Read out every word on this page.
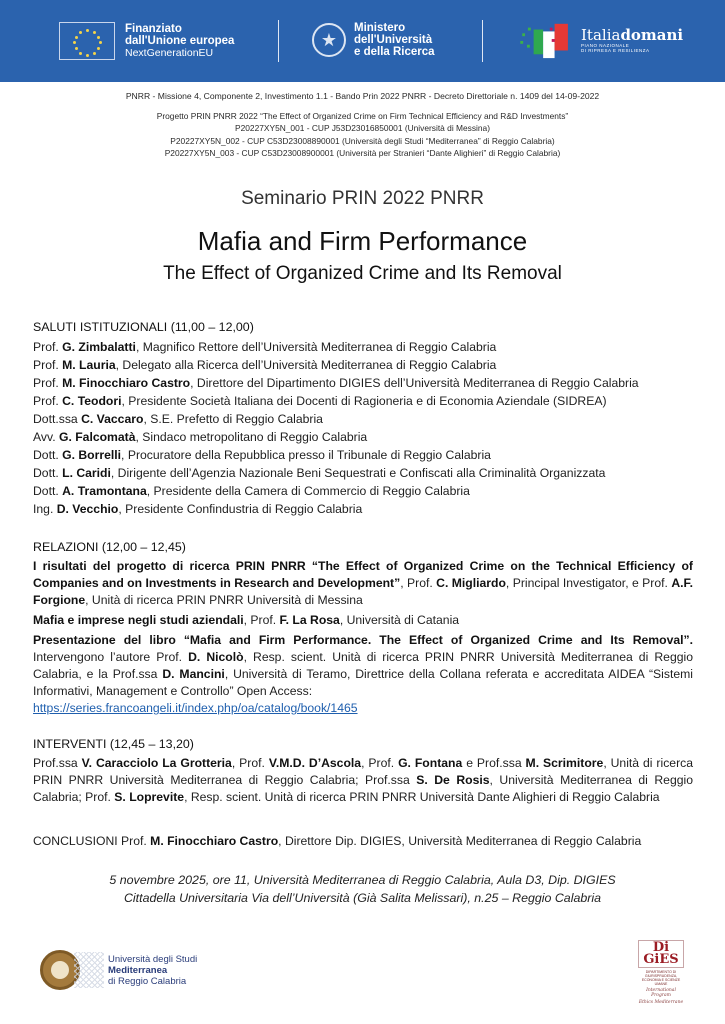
Finanziato
dall'Unione europea
NextGenerationEU
★
Ministero
dell'Università
e della Ricerca
Italiadomani
PIANO NAZIONALE
DI RIPRESA E RESILIENZA
PNRR - Missione 4, Componente 2, Investimento 1.1 - Bando Prin 2022 PNRR - Decreto Direttoriale n. 1409 del 14-09-2022
Progetto PRIN PNRR 2022 “The Effect of Organized Crime on Firm Technical Efficiency and R&D Investments”
P20227XY5N_001 - CUP J53D23016850001 (Università di Messina)
P20227XY5N_002 - CUP C53D23008890001 (Università degli Studi “Mediterranea” di Reggio Calabria)
P20227XY5N_003 - CUP C53D23008900001 (Università per Stranieri “Dante Alighieri” di Reggio Calabria)
Seminario PRIN 2022 PNRR
Mafia and Firm Performance
The Effect of Organized Crime and Its Removal
SALUTI ISTITUZIONALI (11,00 – 12,00)
Prof. G. Zimbalatti, Magnifico Rettore dell’Università Mediterranea di Reggio Calabria
Prof. M. Lauria, Delegato alla Ricerca dell’Università Mediterranea di Reggio Calabria
Prof. M. Finocchiaro Castro, Direttore del Dipartimento DIGIES dell’Università Mediterranea di Reggio Calabria
Prof. C. Teodori, Presidente Società Italiana dei Docenti di Ragioneria e di Economia Aziendale (SIDREA)
Dott.ssa C. Vaccaro, S.E. Prefetto di Reggio Calabria
Avv. G. Falcomatà, Sindaco metropolitano di Reggio Calabria
Dott. G. Borrelli, Procuratore della Repubblica presso il Tribunale di Reggio Calabria
Dott. L. Caridi, Dirigente dell’Agenzia Nazionale Beni Sequestrati e Confiscati alla Criminalità Organizzata
Dott. A. Tramontana, Presidente della Camera di Commercio di Reggio Calabria
Ing. D. Vecchio, Presidente Confindustria di Reggio Calabria
RELAZIONI (12,00 – 12,45)
I risultati del progetto di ricerca PRIN PNRR “The Effect of Organized Crime on the Technical Efficiency of Companies and on Investments in Research and Development”, Prof. C. Migliardo, Principal Investigator, e Prof. A.F. Forgione, Unità di ricerca PRIN PNRR Università di Messina
Mafia e imprese negli studi aziendali, Prof. F. La Rosa, Università di Catania
Presentazione del libro “Mafia and Firm Performance. The Effect of Organized Crime and Its Removal”. Intervengono l’autore Prof. D. Nicolò, Resp. scient. Unità di ricerca PRIN PNRR Università Mediterranea di Reggio Calabria, e la Prof.ssa D. Mancini, Università di Teramo, Direttrice della Collana referata e accreditata AIDEA “Sistemi Informativi, Management e Controllo” Open Access:
https://series.francoangeli.it/index.php/oa/catalog/book/1465
INTERVENTI (12,45 – 13,20)
Prof.ssa V. Caracciolo La Grotteria, Prof. V.M.D. D’Ascola, Prof. G. Fontana e Prof.ssa M. Scrimitore, Unità di ricerca PRIN PNRR Università Mediterranea di Reggio Calabria; Prof.ssa S. De Rosis, Università Mediterranea di Reggio Calabria; Prof. S. Loprevite, Resp. scient. Unità di ricerca PRIN PNRR Università Dante Alighieri di Reggio Calabria
CONCLUSIONI Prof. M. Finocchiaro Castro, Direttore Dip. DIGIES, Università Mediterranea di Reggio Calabria
5 novembre 2025, ore 11, Università Mediterranea di Reggio Calabria, Aula D3, Dip. DIGIES
Cittadella Universitaria Via dell’Università (Già Salita Melissari), n.25 – Reggio Calabria
Università degli Studi
Mediterranea
di Reggio Calabria
Di
GiES
DIPARTIMENTO DI GIURISPRUDENZA, ECONOMIA E SCIENZE UMANE
International Program
Ethics Mediterrane
